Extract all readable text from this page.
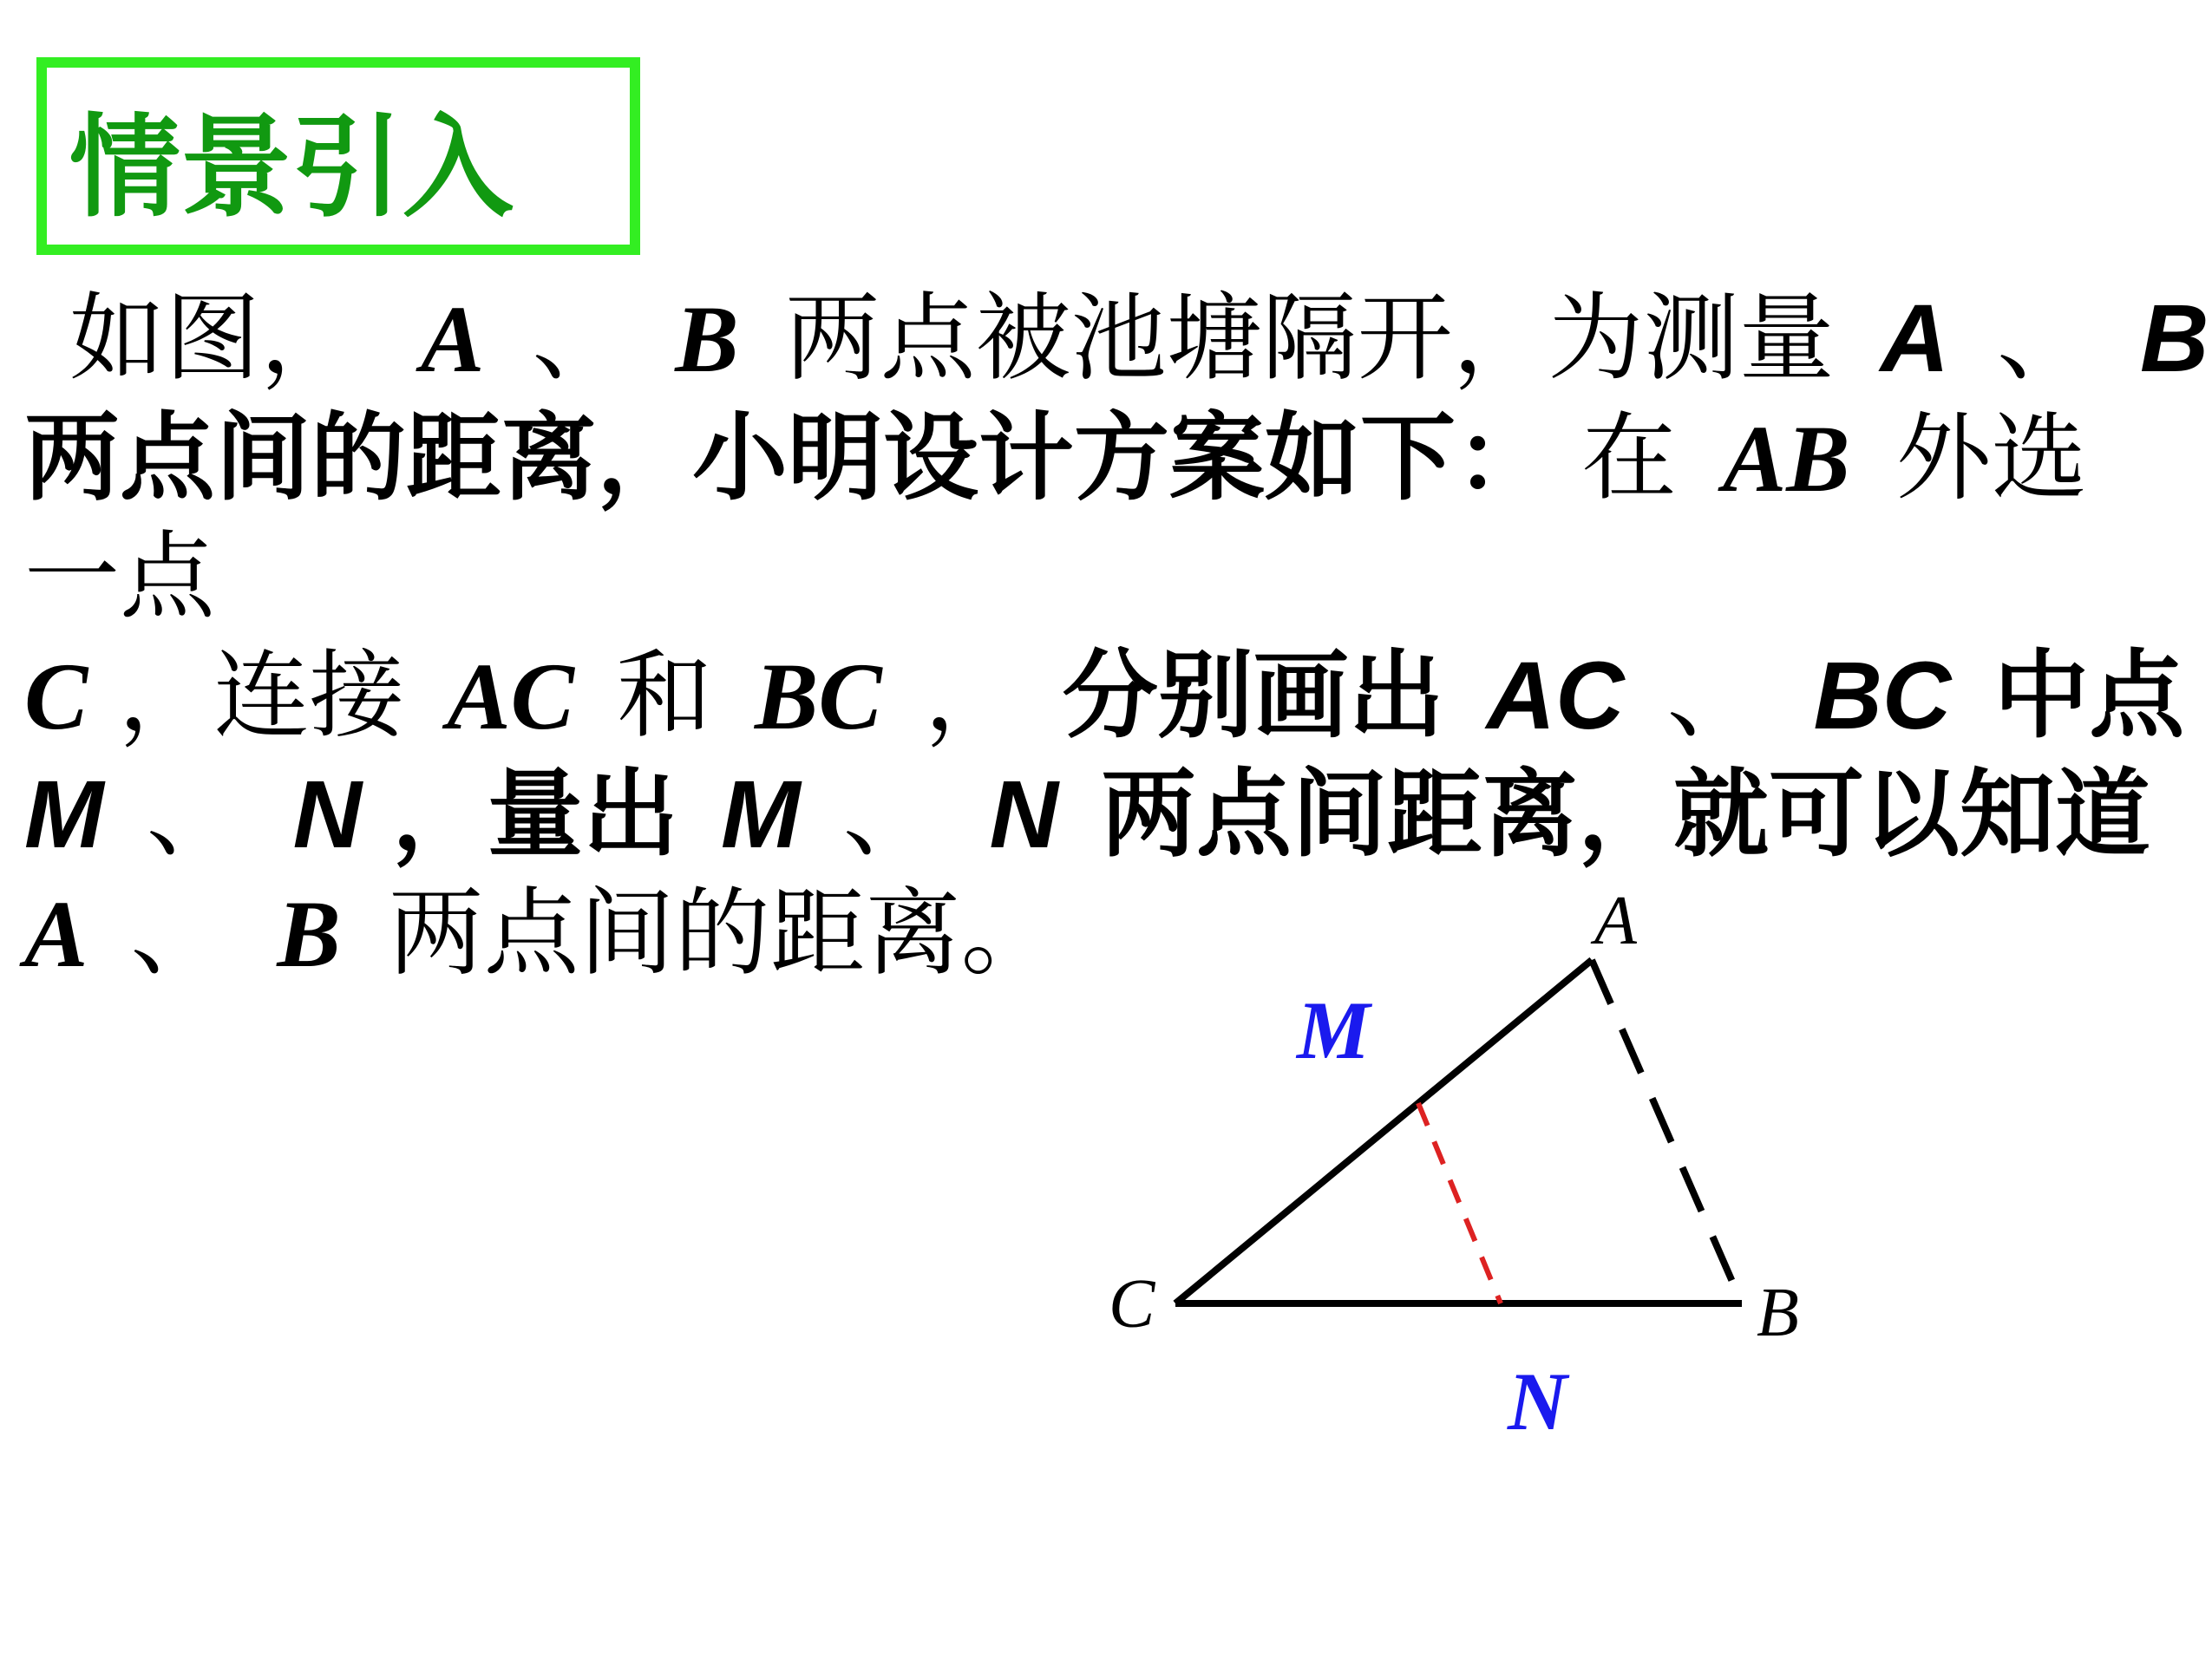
情景引入
如图， A 、 B 两点被池塘隔开，为测量 A 、 B
两点间的距离，小明设计方案如下： 在 AB 外选
一点
C ，连接 AC 和 BC ， 分别画出 AC 、 BC 中点
M 、 N ，量出 M 、 N 两点间距离，就可以知道
A 、 B 两点间的距离。	A
B
C
M
N
